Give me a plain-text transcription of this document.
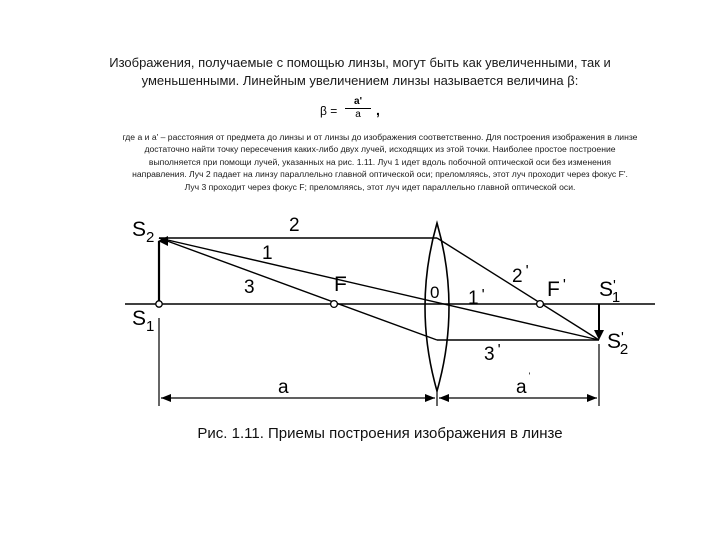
Изображения, получаемые с помощью линзы, могут быть как увеличенными, так и
уменьшенными. Линейным увеличением линзы называется величина β:
$\beta = \frac{a'}{a}$ ,
где a и a' – расстояния от предмета до линзы и от линзы до изображения соответственно. Для построения изображения в линзе
достаточно найти точку пересечения каких-либо двух лучей, исходящих из этой точки. Наиболее простое построение
выполняется при помощи лучей, указанных на рис. 1.11. Луч 1 идет вдоль побочной оптической оси без изменения
направления. Луч 2 падает на линзу параллельно главной оптической оси; преломляясь, этот луч проходит через фокус F'.
Луч 3 проходит через фокус F; преломляясь, этот луч идет параллельно главной оптической оси.
$S_2$
$S_1$
2
1
3	F	0 1 '
2 '
F ' S' 1
S' 2
3 '
a	a'
Рис. 1.11. Приемы построения изображения в линзе
